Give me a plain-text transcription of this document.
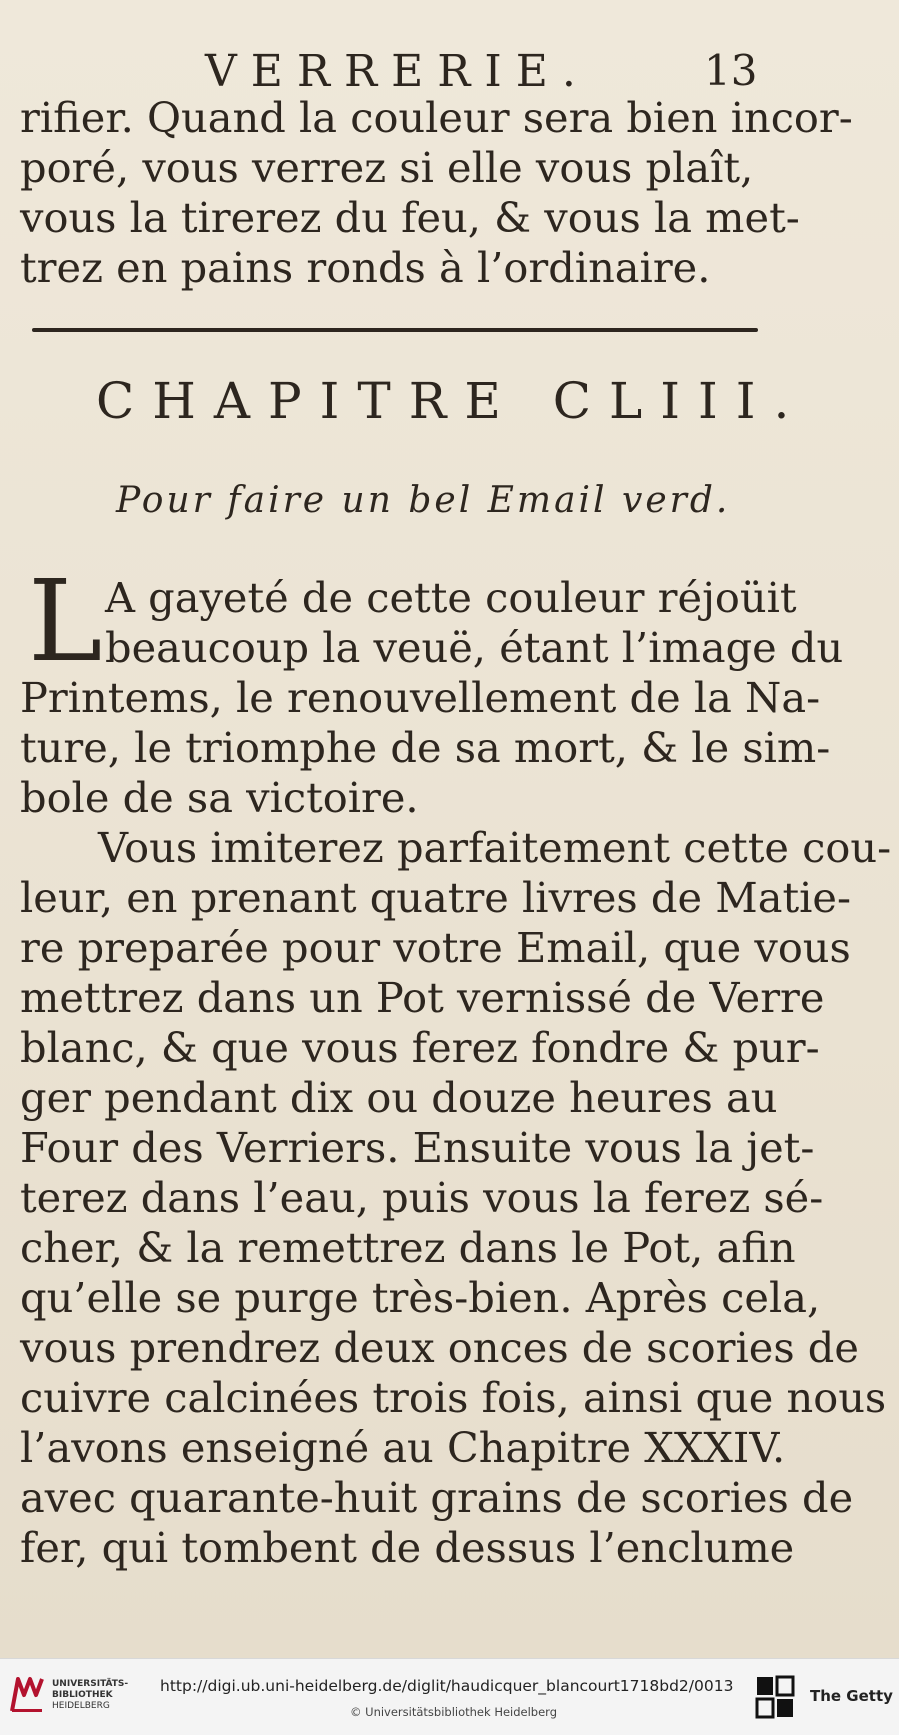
VERRERIE.	13
rifier. Quand la couleur sera bien incor-
poré, vous verrez si elle vous plaît,
vous la tirerez du feu, & vous la met-
trez en pains ronds à l’ordinaire.
CHAPITRE CLIII.
Pour faire un bel Email verd.
L A gayeté de cette couleur réjoüit
beaucoup la veuë, étant l’image du
Printems, le renouvellement de la Na-
ture, le triomphe de sa mort, & le sim-
bole de sa victoire.
Vous imiterez parfaitement cette cou-
leur, en prenant quatre livres de Matie-
re preparée pour votre Email, que vous
mettrez dans un Pot vernissé de Verre
blanc, & que vous ferez fondre & pur-
ger pendant dix ou douze heures au
Four des Verriers. Ensuite vous la jet-
terez dans l’eau, puis vous la ferez sé-
cher, & la remettrez dans le Pot, afin
qu’elle se purge très-bien. Après cela,
vous prendrez deux onces de scories de
cuivre calcinées trois fois, ainsi que nous
l’avons enseigné au Chapitre XXXIV.
avec quarante-huit grains de scories de
fer, qui tombent de dessus l’enclume
UNIVERSITÄTS-
BIBLIOTHEK
HEIDELBERG
http://digi.ub.uni-heidelberg.de/diglit/haudicquer_blancourt1718bd2/0013
© Universitätsbibliothek Heidelberg
The Getty
